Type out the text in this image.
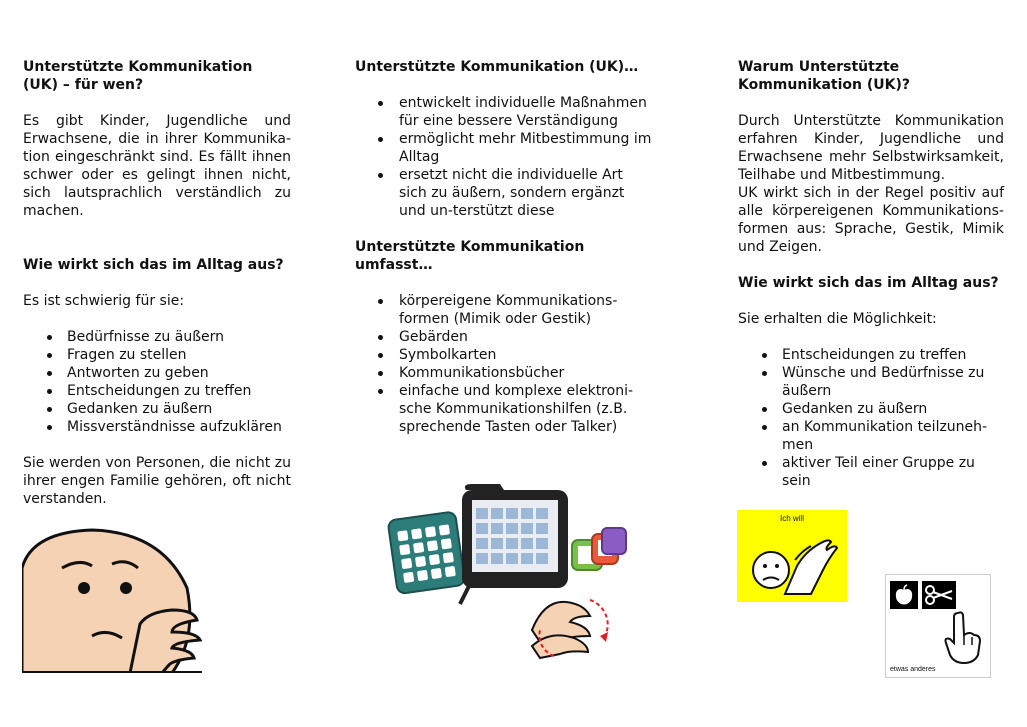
Unterstützte Kommunikation (UK) – für wen?

Es gibt Kinder, Jugendliche und Erwachsene, die in ihrer Kommunika-tion eingeschränkt sind. Es fällt ihnen schwer oder es gelingt ihnen nicht, sich lautsprachlich verständlich zu machen.

Wie wirkt sich das im Alltag aus?

Es ist schwierig für sie:

Bedürfnisse zu äußern
Fragen zu stellen
Antworten zu geben
Entscheidungen zu treffen
Gedanken zu äußern
Missverständnisse aufzuklären

Sie werden von Personen, die nicht zu ihrer engen Familie gehören, oft nicht verstanden.

Unterstützte Kommunikation (UK)…
entwickelt individuelle Maßnahmen für eine bessere Verständigung
ermöglicht mehr Mitbestimmung im Alltag
ersetzt nicht die individuelle Art sich zu äußern, sondern ergänzt und un-terstützt diese
Unterstützte Kommunikation umfasst…
körpereigene Kommunikations-formen (Mimik oder Gestik)
Gebärden
Symbolkarten
Kommunikationsbücher
einfache und komplexe elektroni-sche Kommunikationshilfen (z.B. sprechende Tasten oder Talker)
Warum Unterstützte Kommunikation (UK)?

Durch Unterstützte Kommunikation erfahren Kinder, Jugendliche und Erwachsene mehr Selbstwirksamkeit, Teilhabe und Mitbestimmung.

UK wirkt sich in der Regel positiv auf alle körpereigenen Kommunikations-formen aus: Sprache, Gestik, Mimik und Zeigen.

Wie wirkt sich das im Alltag aus?

Sie erhalten die Möglichkeit:

Entscheidungen zu treffen
Wünsche und Bedürfnisse zu äußern
Gedanken zu äußern
an Kommunikation teilzuneh-men
aktiver Teil einer Gruppe zu sein
Ich will
etwas anderes
